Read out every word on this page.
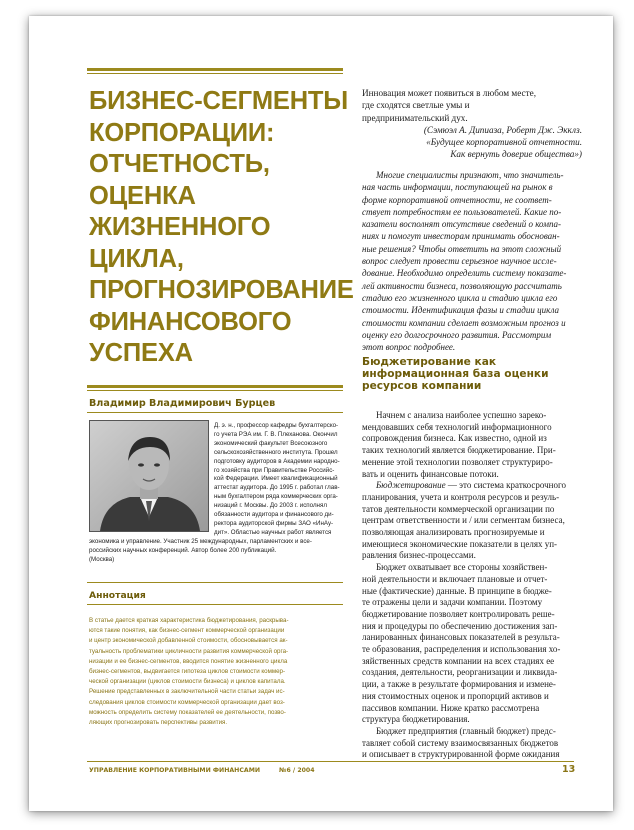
БИЗНЕС-СЕГМЕНТЫ
КОРПОРАЦИИ:
ОТЧЕТНОСТЬ,
ОЦЕНКА
ЖИЗНЕННОГО
ЦИКЛА,
ПРОГНОЗИРОВАНИЕ
ФИНАНСОВОГО
УСПЕХА
Владимир Владимирович Бурцев
Д. э. н., профессор кафедры бухгалтерско-
го учета РЭА им. Г. В. Плеханова. Окончил
экономический факультет Всесоюзного
сельскохозяйственного института. Прошел
подготовку аудиторов в Академии народно-
го хозяйства при Правительстве Российс-
кой Федерации. Имеет квалификационный
аттестат аудитора. До 1995 г. работал глав-
ным бухгалтером ряда коммерческих орга-
низаций г. Москвы. До 2003 г. исполнял
обязанности аудитора и финансового ди-
ректора аудиторской фирмы ЗАО «ИнАу-
дит». Областью научных работ является
экономика и управление. Участник 25 международных, парламентских и все-
российских научных конференций. Автор более 200 публикаций.
(Москва)
Аннотация
В статье дается краткая характеристика бюджетирования, раскрыва-
ются такие понятия, как бизнес-сегмент коммерческой организации
и центр экономической добавленной стоимости, обосновывается ак-
туальность проблематики цикличности развития коммерческой орга-
низации и ее бизнес-сегментов, вводится понятие жизненного цикла
бизнес-сегментов, выдвигается гипотеза циклов стоимости коммер-
ческой организации (циклов стоимости бизнеса) и циклов капитала.
Решение представленных в заключительной части статьи задач ис-
следования циклов стоимости коммерческой организации дает воз-
можность определить систему показателей ее деятельности, позво-
ляющих прогнозировать перспективы развития.
Инновация может появиться в любом месте,
где сходятся светлые умы и
предпринимательский дух.
(Сэмюэл А. Дипиаза, Роберт Дж. Экклз.
«Будущее корпоративной отчетности.
Как вернуть доверие общества»)
Многие специалисты признают, что значитель-
ная часть информации, поступающей на рынок в
форме корпоративной отчетности, не соответ-
ствует потребностям ее пользователей. Какие по-
казатели восполнят отсутствие сведений о компа-
ниях и помогут инвесторам принимать обоснован-
ные решения? Чтобы ответить на этот сложный
вопрос следует провести серьезное научное иссле-
дование. Необходимо определить систему показате-
лей активности бизнеса, позволяющую рассчитать
стадию его жизненного цикла и стадию цикла его
стоимости. Идентификация фазы и стадии цикла
стоимости компании сделает возможным прогноз и
оценку его долгосрочного развития. Рассмотрим
этот вопрос подробнее.
Бюджетирование как
информационная база оценки
ресурсов компании
Начнем с анализа наиболее успешно зареко-
мендовавших себя технологий информационного
сопровождения бизнеса. Как известно, одной из
таких технологий является бюджетирование. При-
менение этой технологии позволяет структуриро-
вать и оценить финансовые потоки.
Бюджетирование — это система краткосрочного
планирования, учета и контроля ресурсов и резуль-
татов деятельности коммерческой организации по
центрам ответственности и / или сегментам бизнеса,
позволяющая анализировать прогнозируемые и
имеющиеся экономические показатели в целях уп-
равления бизнес-процессами.
Бюджет охватывает все стороны хозяйствен-
ной деятельности и включает плановые и отчет-
ные (фактические) данные. В принципе в бюдже-
те отражены цели и задачи компании. Поэтому
бюджетирование позволяет контролировать реше-
ния и процедуры по обеспечению достижения зап-
ланированных финансовых показателей в результа-
те образования, распределения и использования хо-
зяйственных средств компании на всех стадиях ее
создания, деятельности, реорганизации и ликвида-
ции, а также в результате формирования и измене-
ния стоимостных оценок и пропорций активов и
пассивов компании. Ниже кратко рассмотрена
структура бюджетирования.
Бюджет предприятия (главный бюджет) предс-
тавляет собой систему взаимосвязанных бюджетов
и описывает в структурированной форме ожидания
УПРАВЛЕНИЕ КОРПОРАТИВНЫМИ ФИНАНСАМИ	№6 / 2004	13
